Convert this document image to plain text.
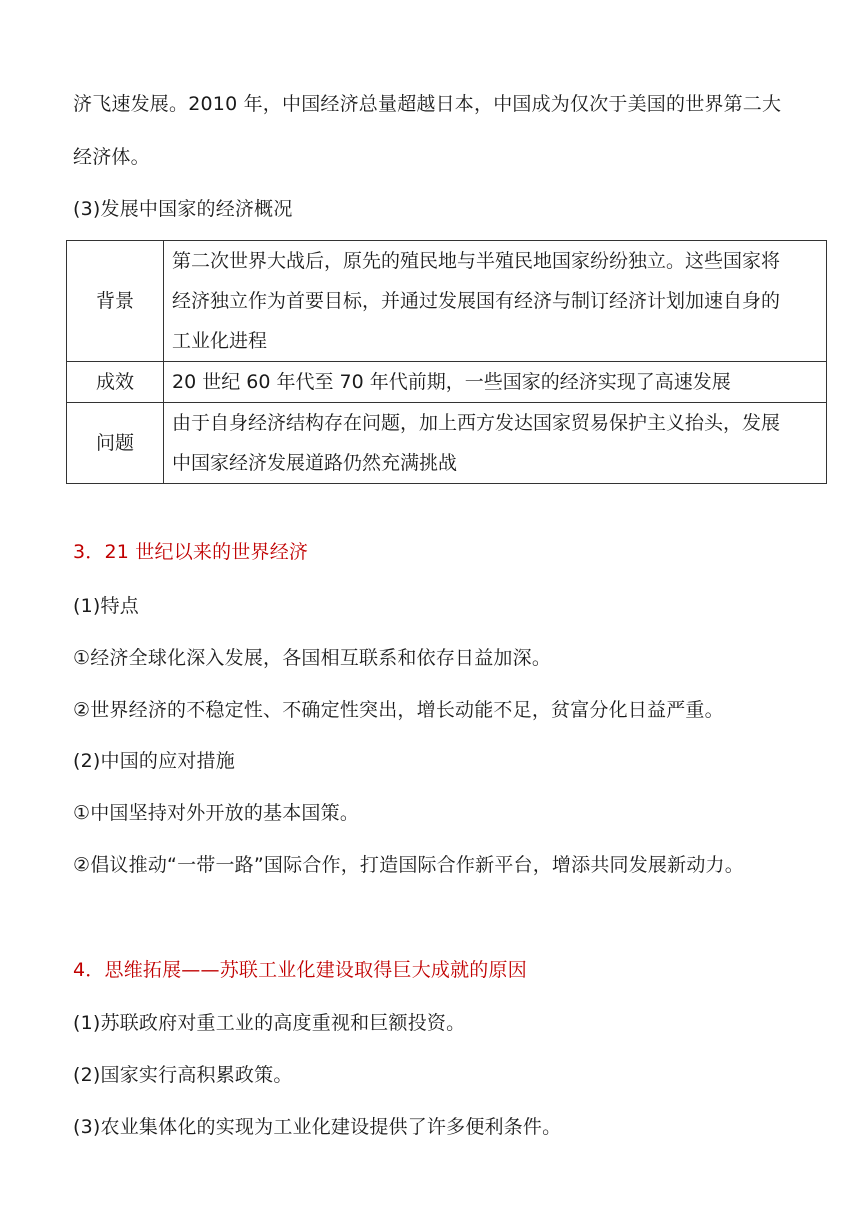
济飞速发展。2010 年，中国经济总量超越日本，中国成为仅次于美国的世界第二大
经济体。
(3)发展中国家的经济概况
背景	第二次世界大战后，原先的殖民地与半殖民地国家纷纷独立。这些国家将
经济独立作为首要目标，并通过发展国有经济与制订经济计划加速自身的
工业化进程

成效	20 世纪 60 年代至 70 年代前期，一些国家的经济实现了高速发展

问题	由于自身经济结构存在问题，加上西方发达国家贸易保护主义抬头，发展
中国家经济发展道路仍然充满挑战
3．21 世纪以来的世界经济
(1)特点
①经济全球化深入发展，各国相互联系和依存日益加深。
②世界经济的不稳定性、不确定性突出，增长动能不足，贫富分化日益严重。
(2)中国的应对措施
①中国坚持对外开放的基本国策。
②倡议推动“一带一路”国际合作，打造国际合作新平台，增添共同发展新动力。
4．思维拓展——苏联工业化建设取得巨大成就的原因
(1)苏联政府对重工业的高度重视和巨额投资。
(2)国家实行高积累政策。
(3)农业集体化的实现为工业化建设提供了许多便利条件。
